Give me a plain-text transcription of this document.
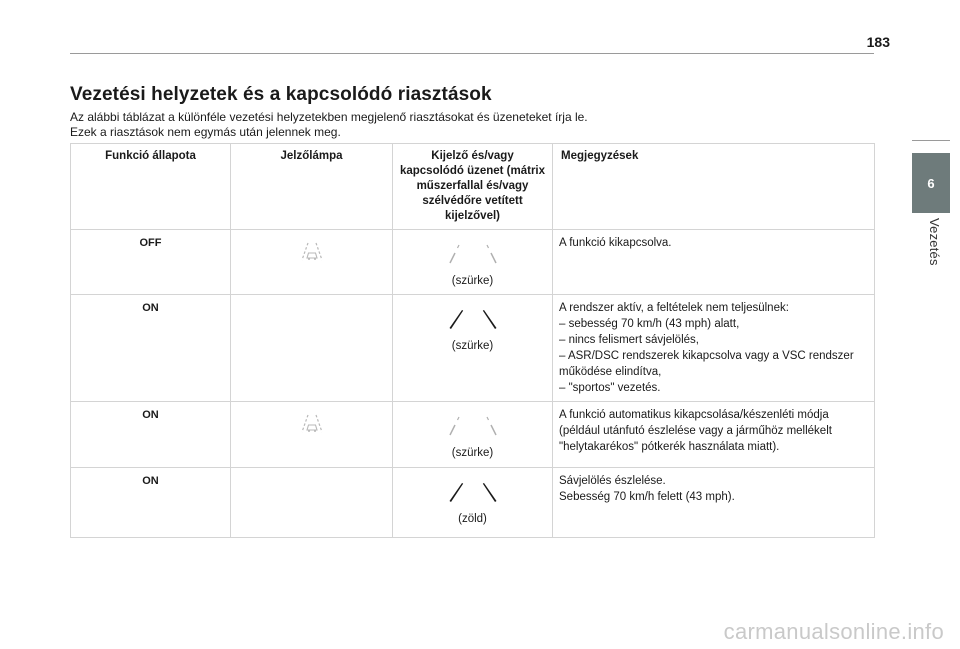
183
6
Vezetés
Vezetési helyzetek és a kapcsolódó riasztások
Az alábbi táblázat a különféle vezetési helyzetekben megjelenő riasztásokat és üzeneteket írja le.
Ezek a riasztások nem egymás után jelennek meg.
Funkció állapota	Jelzőlámpa	Kijelző és/vagy kapcsolódó üzenet (mátrix műszerfallal és/vagy szélvédőre vetített kijelzővel)	Megjegyzések
OFF		(szürke)	A funkció kikapcsolva.

ON		(szürke)	A rendszer aktív, a feltételek nem teljesülnek:
– sebesség 70 km/h (43 mph) alatt,
– nincs felismert sávjelölés,
– ASR/DSC rendszerek kikapcsolva vagy a VSC rendszer működése elindítva,
– "sportos" vezetés.

ON		(szürke)	A funkció automatikus kikapcsolása/készenléti módja (például utánfutó észlelése vagy a járműhöz mellékelt "helytakarékos" pótkerék használata miatt).

ON		(zöld)	Sávjelölés észlelése.
Sebesség 70 km/h felett (43 mph).
carmanualsonline.info
